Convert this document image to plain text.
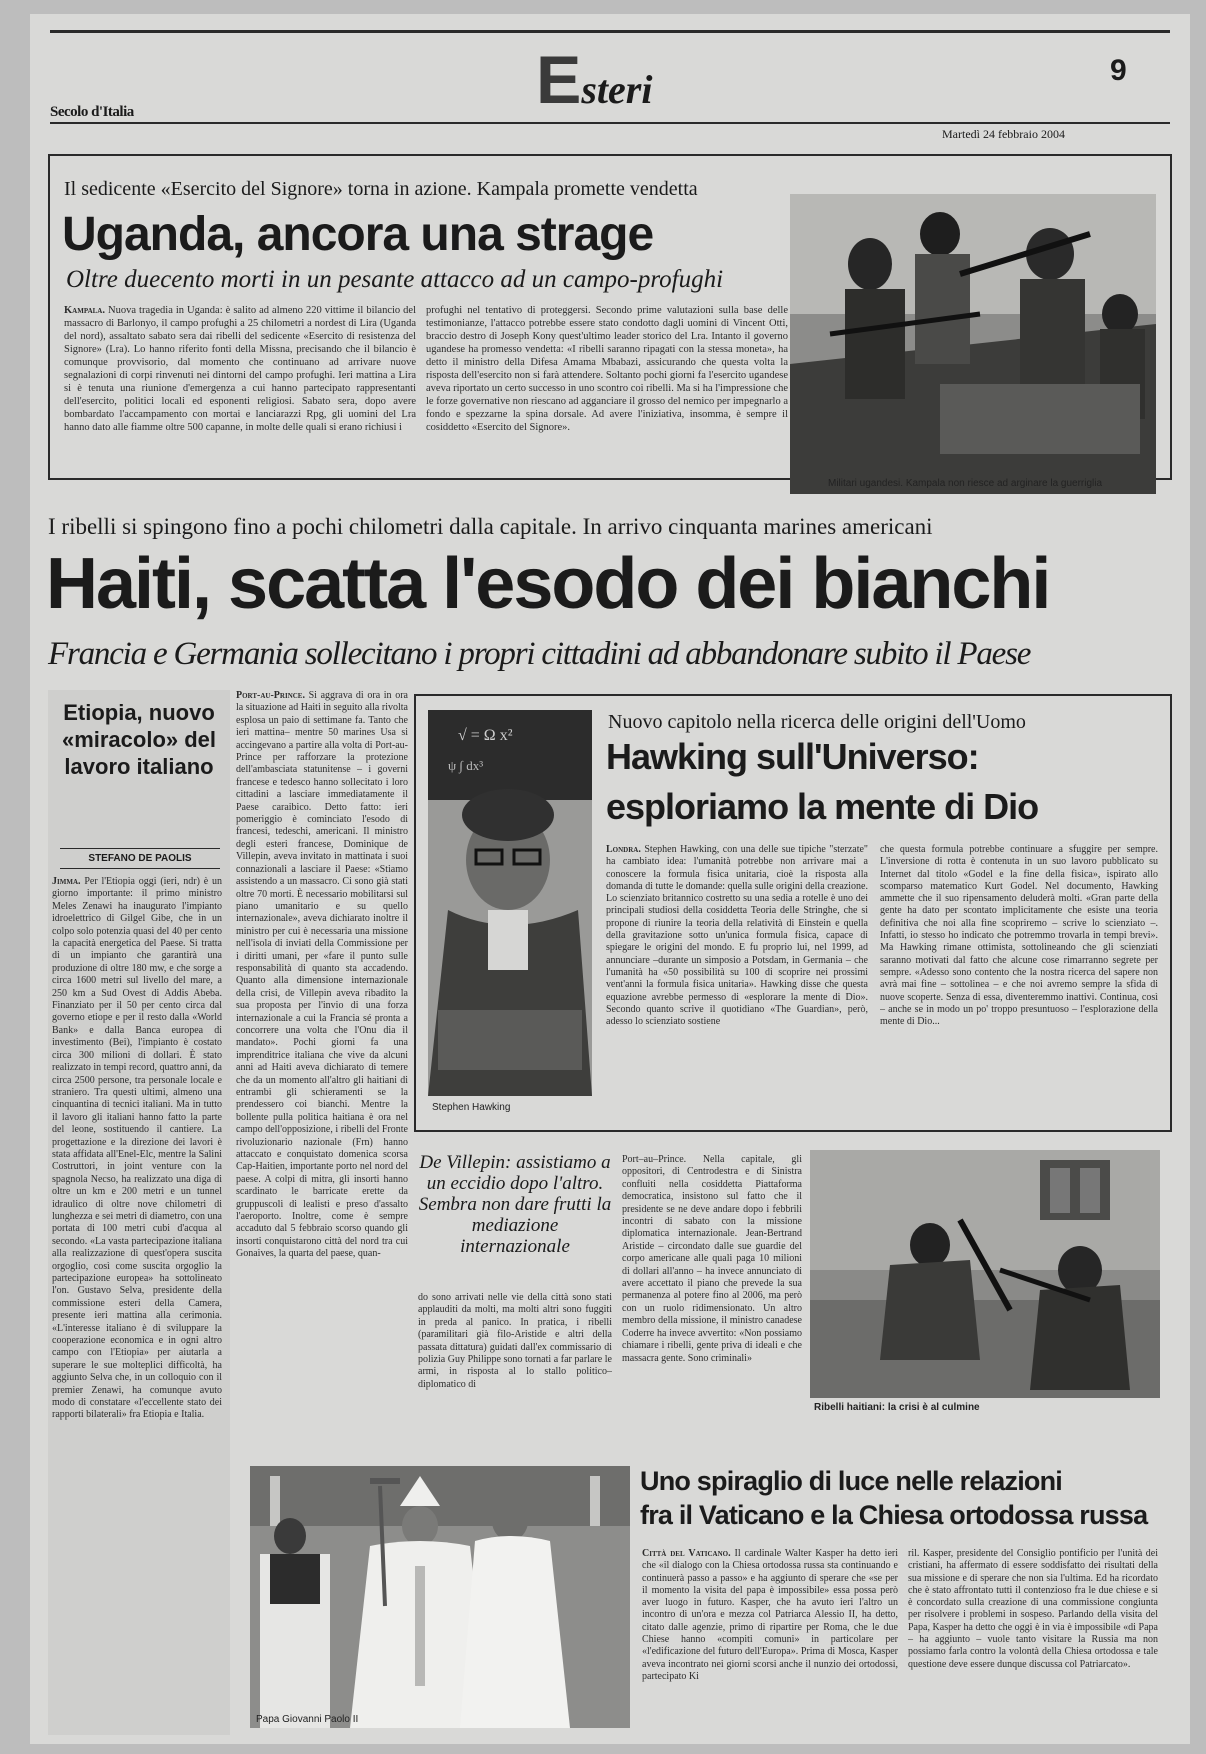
Secolo d'Italia	Esteri	9
Martedì 24 febbraio 2004
Il sedicente «Esercito del Signore» torna in azione. Kampala promette vendetta
Uganda, ancora una strage
Oltre duecento morti in un pesante attacco ad un campo-profughi
Kampala. Nuova tragedia in Uganda: è salito ad almeno 220 vittime il bilancio del massacro di Barlonyo, il campo profughi a 25 chilometri a nordest di Lira (Uganda del nord), assaltato sabato sera dai ribelli del sedicente «Esercito di resistenza del Signore» (Lra). Lo hanno riferito fonti della Missna, precisando che il bilancio è comunque provvisorio, dal momento che continuano ad arrivare nuove segnalazioni di corpi rinvenuti nei dintorni del campo profughi. Ieri mattina a Lira si è tenuta una riunione d'emergenza a cui hanno partecipato rappresentanti dell'esercito, politici locali ed esponenti religiosi. Sabato sera, dopo avere bombardato l'accampamento con mortai e lanciarazzi Rpg, gli uomini del Lra hanno dato alle fiamme oltre 500 capanne, in molte delle quali si erano richiusi i
profughi nel tentativo di proteggersi. Secondo prime valutazioni sulla base delle testimonianze, l'attacco potrebbe essere stato condotto dagli uomini di Vincent Otti, braccio destro di Joseph Kony quest'ultimo leader storico del Lra. Intanto il governo ugandese ha promesso vendetta: «I ribelli saranno ripagati con la stessa moneta», ha detto il ministro della Difesa Amama Mbabazi, assicurando che questa volta la risposta dell'esercito non si farà attendere. Soltanto pochi giorni fa l'esercito ugandese aveva riportato un certo successo in uno scontro coi ribelli. Ma si ha l'impressione che le forze governative non riescano ad agganciare il grosso del nemico per impegnarlo a fondo e spezzarne la spina dorsale. Ad avere l'iniziativa, insomma, è sempre il cosiddetto «Esercito del Signore».
Militari ugandesi. Kampala non riesce ad arginare la guerriglia
I ribelli si spingono fino a pochi chilometri dalla capitale. In arrivo cinquanta marines americani
Haiti, scatta l'esodo dei bianchi
Francia e Germania sollecitano i propri cittadini ad abbandonare subito il Paese
Etiopia, nuovo «miracolo» del lavoro italiano
STEFANO DE PAOLIS
Jimma. Per l'Etiopia oggi (ieri, ndr) è un giorno importante: il primo ministro Meles Zenawi ha inaugurato l'impianto idroelettrico di Gilgel Gibe, che in un colpo solo potenzia quasi del 40 per cento la capacità energetica del Paese. Si tratta di un impianto che garantirà una produzione di oltre 180 mw, e che sorge a circa 1600 metri sul livello del mare, a 250 km a Sud Ovest di Addis Abeba. Finanziato per il 50 per cento circa dal governo etiope e per il resto dalla «World Bank» e dalla Banca europea di investimento (Bei), l'impianto è costato circa 300 milioni di dollari. È stato realizzato in tempi record, quattro anni, da circa 2500 persone, tra personale locale e straniero. Tra questi ultimi, almeno una cinquantina di tecnici italiani. Ma in tutto il lavoro gli italiani hanno fatto la parte del leone, sostituendo il cantiere. La progettazione e la direzione dei lavori è stata affidata all'Enel-Elc, mentre la Salini Costruttori, in joint venture con la spagnola Necso, ha realizzato una diga di oltre un km e 200 metri e un tunnel idraulico di oltre nove chilometri di lunghezza e sei metri di diametro, con una portata di 100 metri cubi d'acqua al secondo. «La vasta partecipazione italiana alla realizzazione di quest'opera suscita orgoglio, così come suscita orgoglio la partecipazione europea» ha sottolineato l'on. Gustavo Selva, presidente della commissione esteri della Camera, presente ieri mattina alla cerimonia. «L'interesse italiano è di sviluppare la cooperazione economica e in ogni altro campo con l'Etiopia» per aiutarla a superare le sue molteplici difficoltà, ha aggiunto Selva che, in un colloquio con il premier Zenawi, ha comunque avuto modo di constatare «l'eccellente stato dei rapporti bilaterali» fra Etiopia e Italia.
Port-au-Prince. Si aggrava di ora in ora la situazione ad Haiti in seguito alla rivolta esplosa un paio di settimane fa. Tanto che ieri mattina– mentre 50 marines Usa si accingevano a partire alla volta di Port-au-Prince per rafforzare la protezione dell'ambasciata statunitense – i governi francese e tedesco hanno sollecitato i loro cittadini a lasciare immediatamente il Paese caraibico. Detto fatto: ieri pomeriggio è cominciato l'esodo di francesi, tedeschi, americani. Il ministro degli esteri francese, Dominique de Villepin, aveva invitato in mattinata i suoi connazionali a lasciare il Paese: «Stiamo assistendo a un massacro. Ci sono già stati oltre 70 morti. È necessario mobilitarsi sul piano umanitario e su quello internazionale», aveva dichiarato inoltre il ministro per cui è necessaria una missione nell'isola di inviati della Commissione per i diritti umani, per «fare il punto sulle responsabilità di quanto sta accadendo. Quanto alla dimensione internazionale della crisi, de Villepin aveva ribadito la sua proposta per l'invio di una forza internazionale a cui la Francia sé pronta a concorrere una volta che l'Onu dia il mandato». Pochi giorni fa una imprenditrice italiana che vive da alcuni anni ad Haiti aveva dichiarato di temere che da un momento all'altro gli haitiani di entrambi gli schieramenti se la prendessero coi bianchi. Mentre la bollente pulla politica haitiana è ora nel campo dell'opposizione, i ribelli del Fronte rivoluzionario nazionale (Frn) hanno attaccato e conquistato domenica scorsa Cap-Haitien, importante porto nel nord del paese. A colpi di mitra, gli insorti hanno scardinato le barricate erette da gruppuscoli di lealisti e preso d'assalto l'aeroporto. Inoltre, come è sempre accaduto dal 5 febbraio scorso quando gli insorti conquistarono città del nord tra cui Gonaives, la quarta del paese, quan-
√ = Ω x²
ψ ∫ dx³
Stephen Hawking
Nuovo capitolo nella ricerca delle origini dell'Uomo
Hawking sull'Universo:
esploriamo la mente di Dio
Londra. Stephen Hawking, con una delle sue tipiche "sterzate" ha cambiato idea: l'umanità potrebbe non arrivare mai a conoscere la formula fisica unitaria, cioè la risposta alla domanda di tutte le domande: quella sulle origini della creazione. Lo scienziato britannico costretto su una sedia a rotelle è uno dei principali studiosi della cosiddetta Teoria delle Stringhe, che si propone di riunire la teoria della relatività di Einstein e quella della gravitazione sotto un'unica formula fisica, capace di spiegare le origini del mondo. E fu proprio lui, nel 1999, ad annunciare –durante un simposio a Potsdam, in Germania – che l'umanità ha «50 possibilità su 100 di scoprire nei prossimi vent'anni la formula fisica unitaria». Hawking disse che questa equazione avrebbe permesso di «esplorare la mente di Dio». Secondo quanto scrive il quotidiano «The Guardian», però, adesso lo scienziato sostiene
che questa formula potrebbe continuare a sfuggire per sempre. L'inversione di rotta è contenuta in un suo lavoro pubblicato su Internet dal titolo «Godel e la fine della fisica», ispirato allo scomparso matematico Kurt Godel. Nel documento, Hawking ammette che il suo ripensamento deluderà molti. «Gran parte della gente ha dato per scontato implicitamente che esiste una teoria definitiva che noi alla fine scopriremo – scrive lo scienziato –. Infatti, io stesso ho indicato che potremmo trovarla in tempi brevi». Ma Hawking rimane ottimista, sottolineando che gli scienziati saranno motivati dal fatto che alcune cose rimarranno segrete per sempre. «Adesso sono contento che la nostra ricerca del sapere non avrà mai fine – sottolinea – e che noi avremo sempre la sfida di nuove scoperte. Senza di essa, diventeremmo inattivi. Continua, così – anche se in modo un po' troppo presuntuoso – l'esplorazione della mente di Dio...
De Villepin: assistiamo a un eccidio dopo l'altro. Sembra non dare frutti la mediazione internazionale
do sono arrivati nelle vie della città sono stati applauditi da molti, ma molti altri sono fuggiti in preda al panico. In pratica, i ribelli (paramilitari già filo-Aristide e altri della passata dittatura) guidati dall'ex commissario di polizia Guy Philippe sono tornati a far parlare le armi, in risposta al lo stallo politico–diplomatico di
Port–au–Prince. Nella capitale, gli oppositori, di Centrodestra e di Sinistra confluiti nella cosiddetta Piattaforma democratica, insistono sul fatto che il presidente se ne deve andare dopo i febbrili incontri di sabato con la missione diplomatica internazionale. Jean-Bertrand Aristide – circondato dalle sue guardie del corpo americane alle quali paga 10 milioni di dollari all'anno – ha invece annunciato di avere accettato il piano che prevede la sua permanenza al potere fino al 2006, ma però con un ruolo ridimensionato. Un altro membro della missione, il ministro canadese Coderre ha invece avvertito: «Non possiamo chiamare i ribelli, gente priva di ideali e che massacra gente. Sono criminali»
Ribelli haitiani: la crisi è al culmine
Papa Giovanni Paolo II
Uno spiraglio di luce nelle relazioni
fra il Vaticano e la Chiesa ortodossa russa
Città del Vaticano. Il cardinale Walter Kasper ha detto ieri che «il dialogo con la Chiesa ortodossa russa sta continuando e continuerà passo a passo» e ha aggiunto di sperare che «se per il momento la visita del papa è impossibile» essa possa però aver luogo in futuro. Kasper, che ha avuto ieri l'altro un incontro di un'ora e mezza col Patriarca Alessio II, ha detto, citato dalle agenzie, primo di ripartire per Roma, che le due Chiese hanno «compiti comuni» in particolare per «l'edificazione del futuro dell'Europa». Prima di Mosca, Kasper aveva incontrato nei giorni scorsi anche il nunzio dei ortodossi, partecipato Ki
ril. Kasper, presidente del Consiglio pontificio per l'unità dei cristiani, ha affermato di essere soddisfatto dei risultati della sua missione e di sperare che non sia l'ultima. Ed ha ricordato che è stato affrontato tutti il contenzioso fra le due chiese e si è concordato sulla creazione di una commissione congiunta per risolvere i problemi in sospeso. Parlando della visita del Papa, Kasper ha detto che oggi è in via è impossibile «di Papa – ha aggiunto – vuole tanto visitare la Russia ma non possiamo farla contro la volontà della Chiesa ortodossa e tale questione deve essere dunque discussa col Patriarcato».
